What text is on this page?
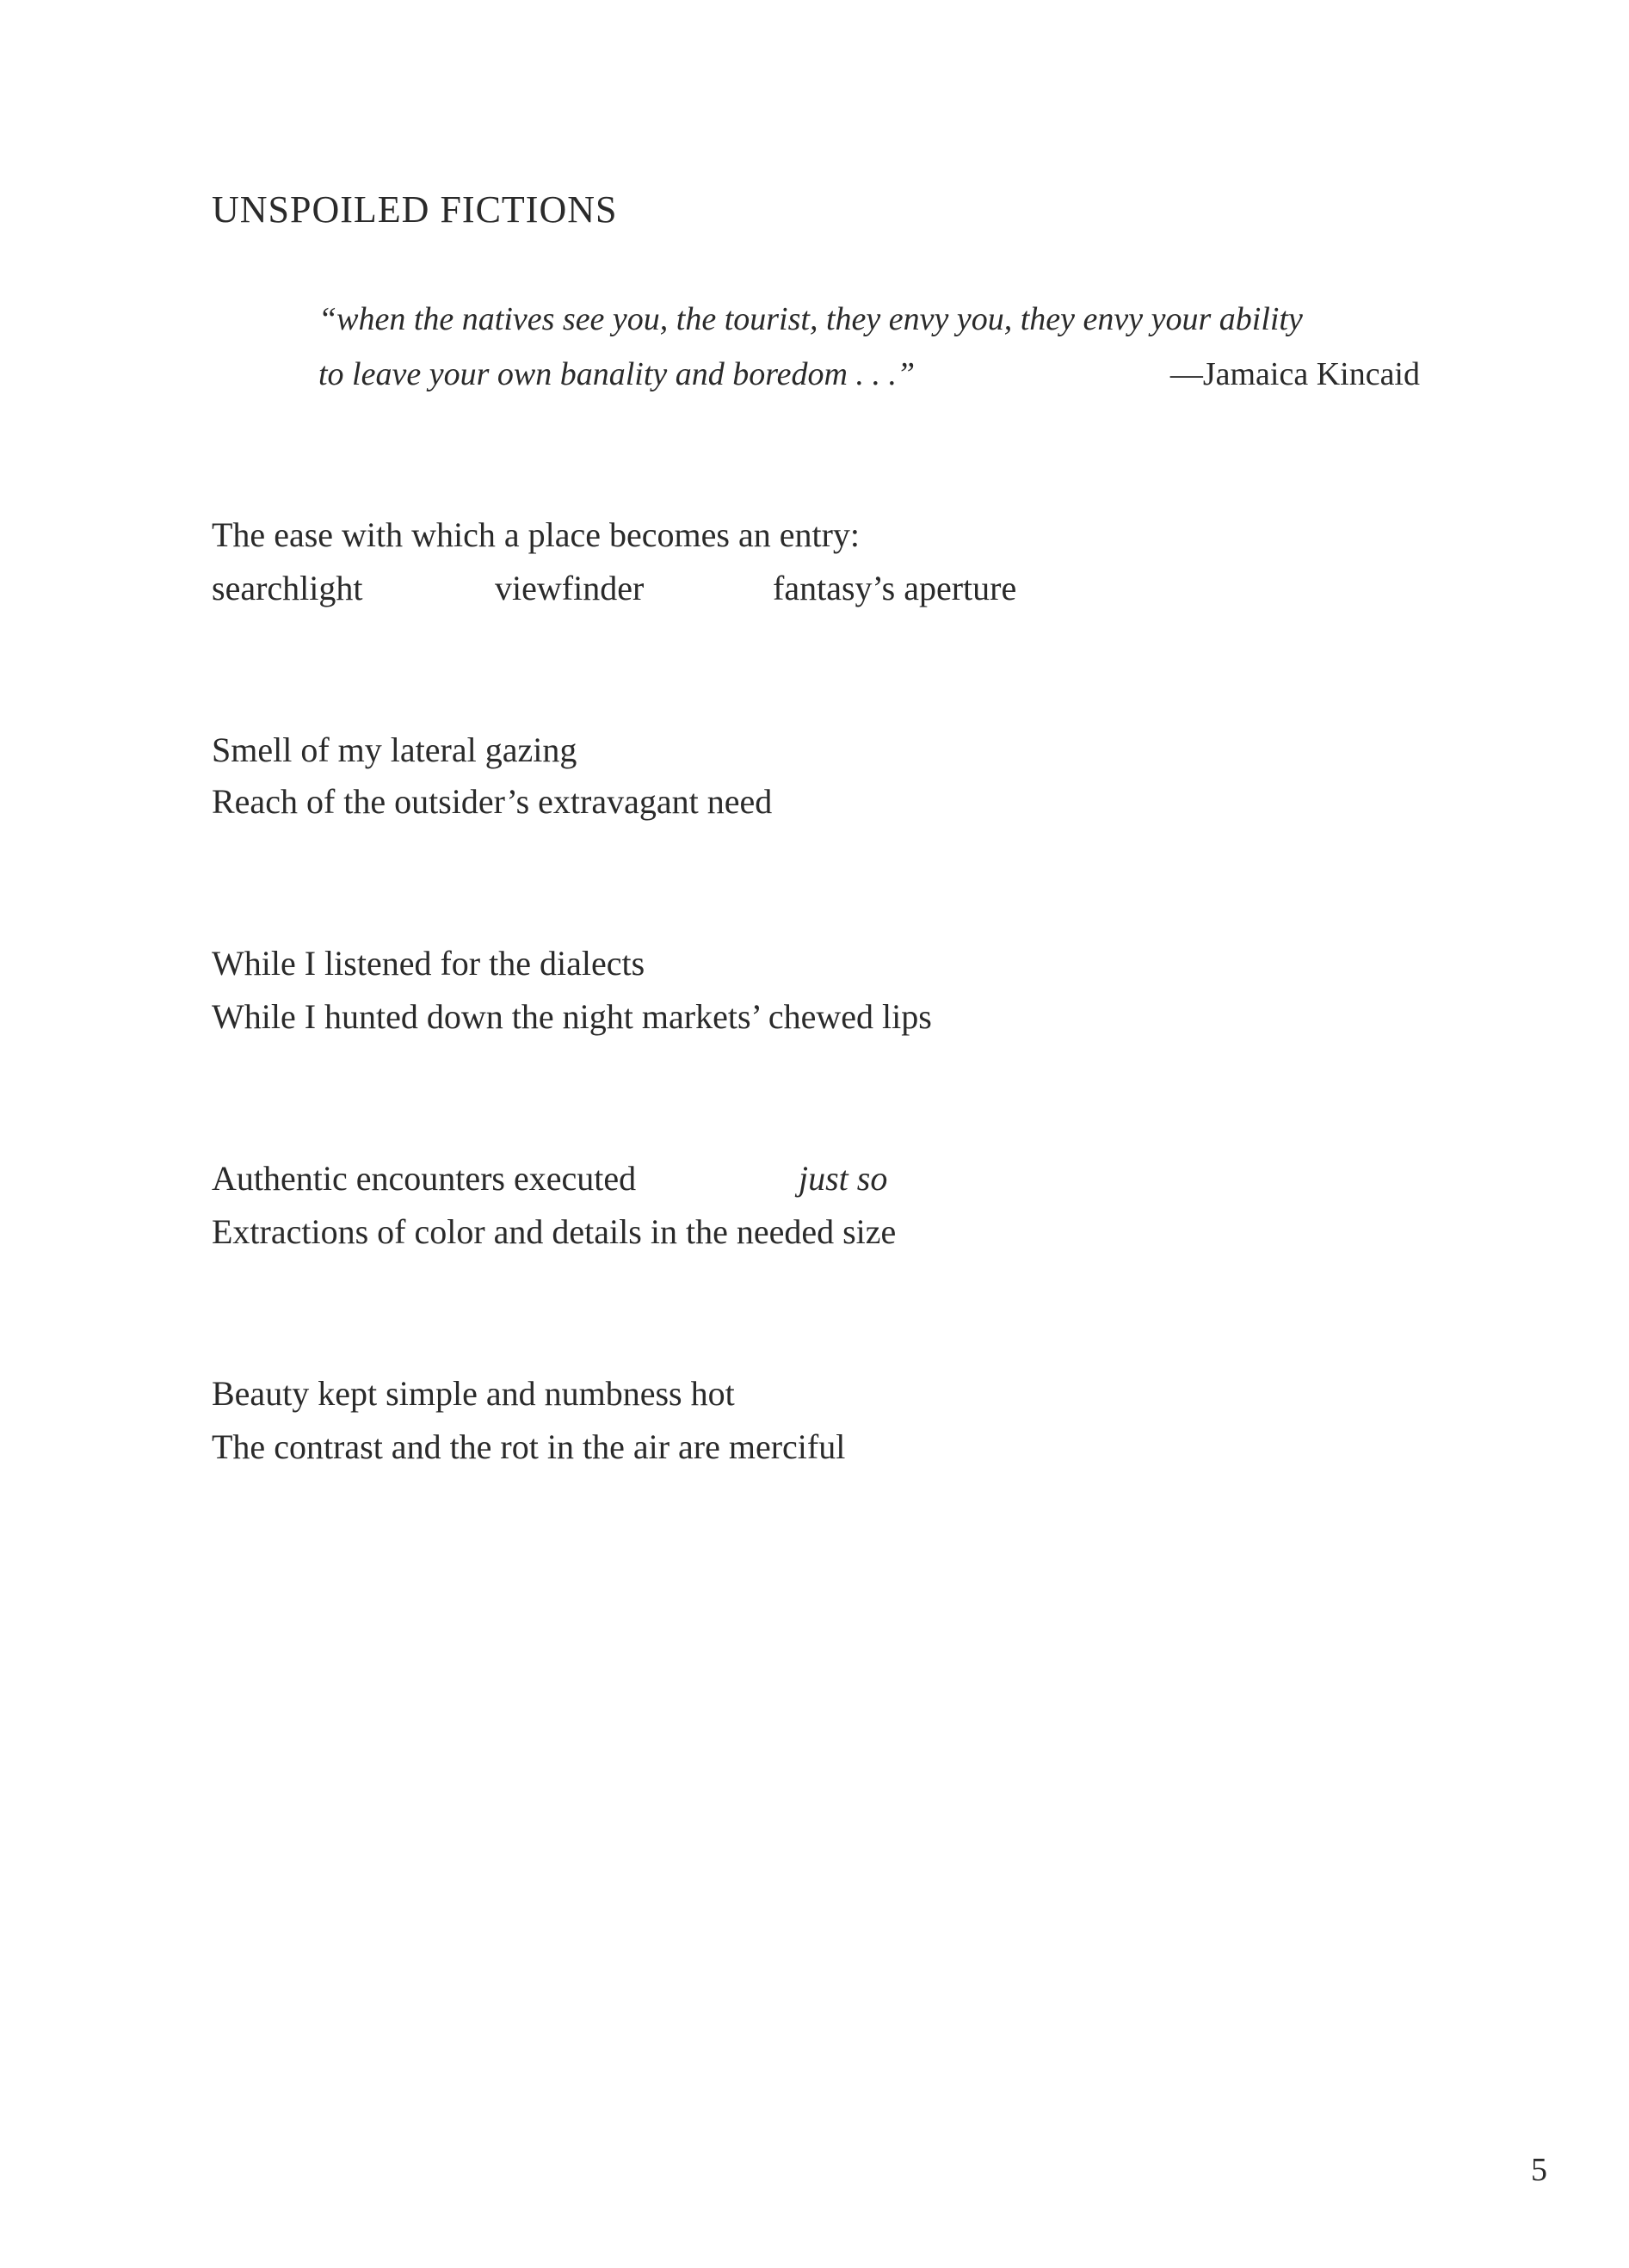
UNSPOILED FICTIONS
“when the natives see you, the tourist, they envy you, they envy your ability
to leave your own banality and boredom . . .”	—Jamaica Kincaid
The ease with which a place becomes an entry:
searchlight	viewfinder	fantasy’s aperture
Smell of my lateral gazing
Reach of the outsider’s extravagant need
While I listened for the dialects
While I hunted down the night markets’ chewed lips
Authentic encounters executed	just so
Extractions of color and details in the needed size
Beauty kept simple and numbness hot
The contrast and the rot in the air are merciful
5
